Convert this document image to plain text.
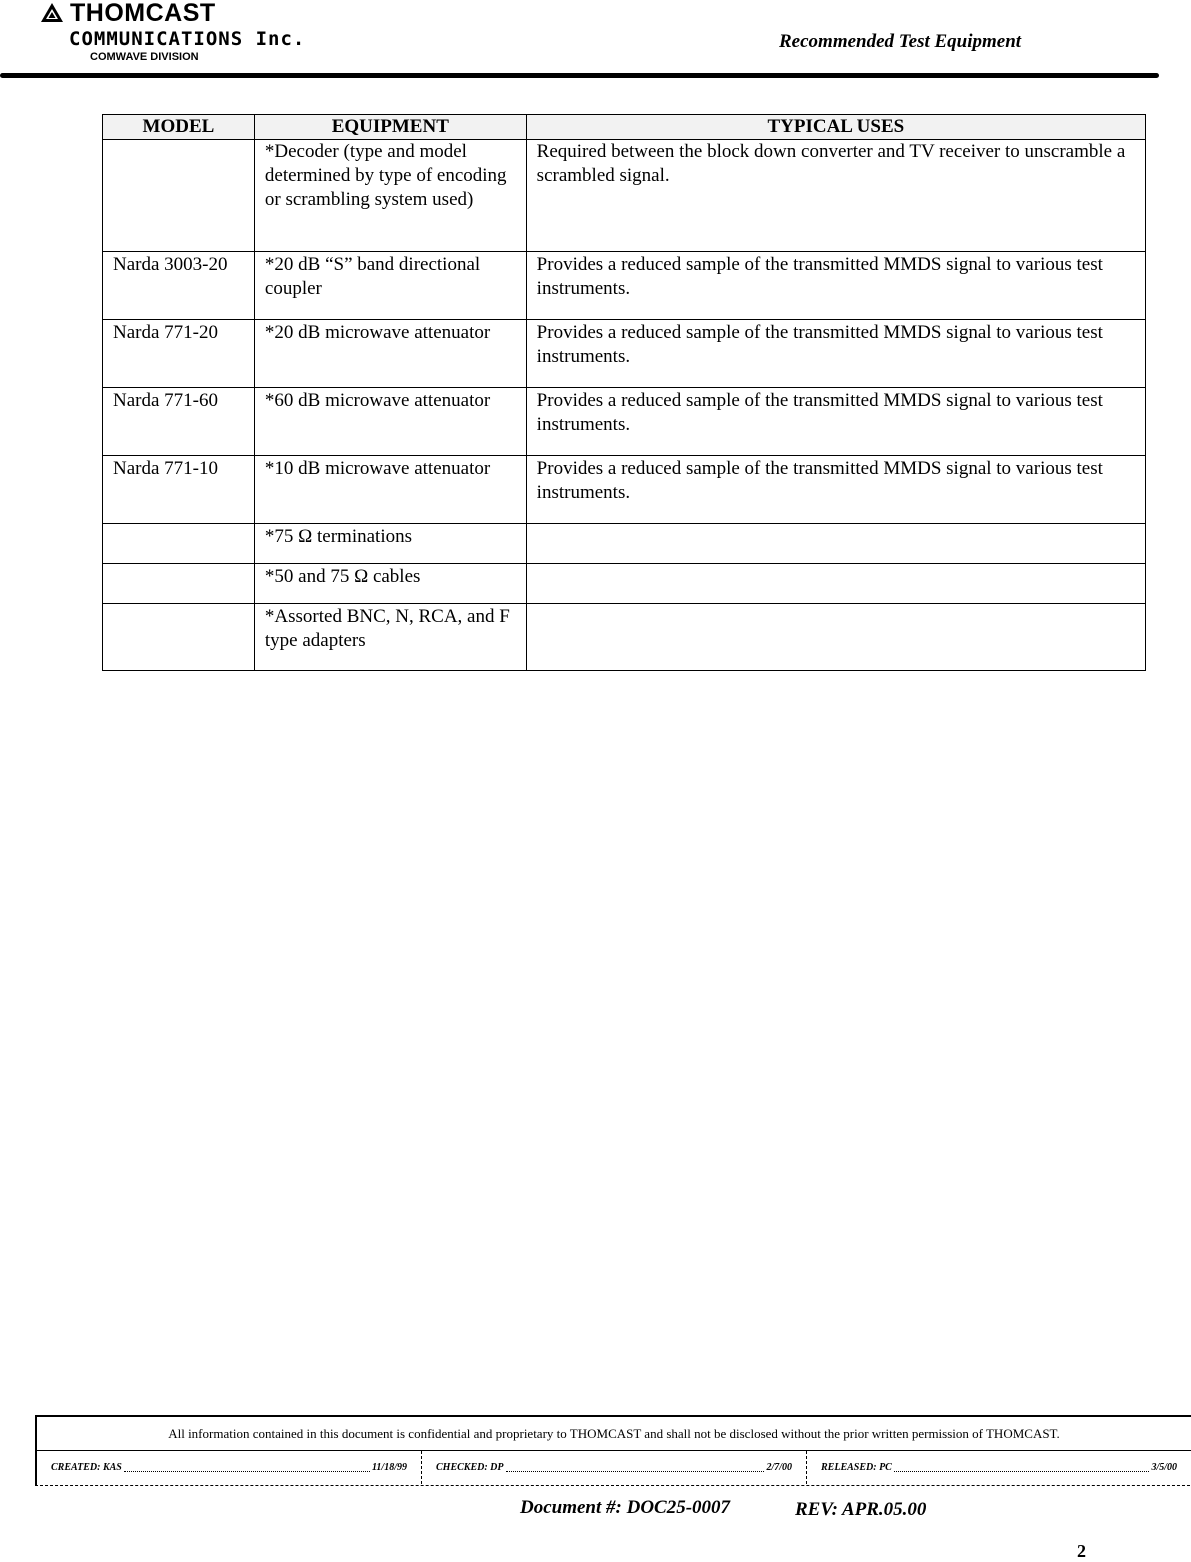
THOMCAST
COMMUNICATIONS Inc.
COMWAVE DIVISION
Recommended Test Equipment
MODEL	EQUIPMENT	TYPICAL USES
	*Decoder (type and model determined by type of encoding or scrambling system used)	Required between the block down converter and TV receiver to unscramble a scrambled signal.
Narda 3003-20	*20 dB “S” band directional coupler	Provides a reduced sample of the transmitted MMDS signal to various test instruments.
Narda 771-20	*20 dB microwave attenuator	Provides a reduced sample of the transmitted MMDS signal to various test instruments.
Narda 771-60	*60 dB microwave attenuator	Provides a reduced sample of the transmitted MMDS signal to various test instruments.
Narda 771-10	*10 dB microwave attenuator	Provides a reduced sample of the transmitted MMDS signal to various test instruments.
	*75 Ω terminations	
	*50 and 75 Ω cables	
	*Assorted BNC, N, RCA, and F type adapters	
All information contained in this document is confidential and proprietary to THOMCAST and shall not be disclosed without the prior written permission of THOMCAST.
CREATED: KAS	11/18/99	CHECKED: DP	2/7/00	RELEASED: PC	3/5/00
Document #: DOC25-0007	REV: APR.05.00
2
